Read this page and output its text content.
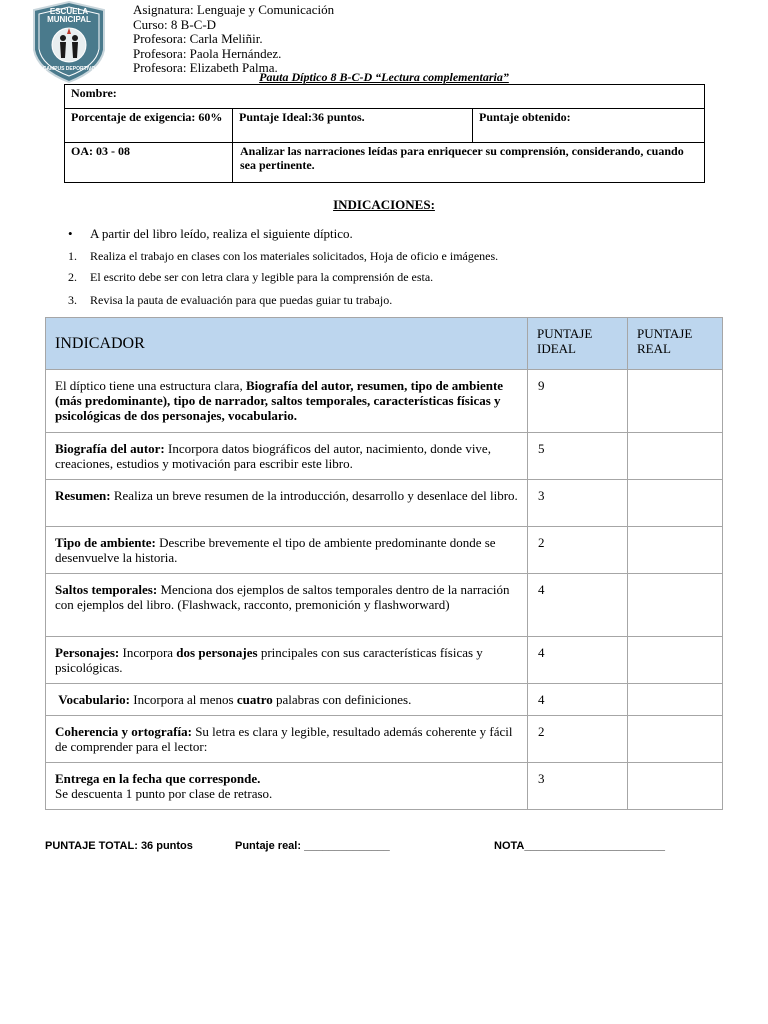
ESCUELA
MUNICIPAL
CAMPUS DEPORTIVO
Asignatura: Lenguaje y Comunicación
Curso: 8 B-C-D
Profesora: Carla Meliñir.
Profesora: Paola Hernández.
Profesora: Elizabeth Palma.
Pauta Díptico 8 B-C-D “Lectura complementaria”
Nombre:		
Porcentaje de exigencia: 60%	Puntaje Ideal:36 puntos.	Puntaje obtenido:
OA: 03 - 08	Analizar las narraciones leídas para enriquecer su comprensión, considerando, cuando sea pertinente.	
INDICACIONES:
• A partir del libro leído, realiza el siguiente díptico.
1. Realiza el trabajo en clases con los materiales solicitados, Hoja de oficio e imágenes.
2. El escrito debe ser con letra clara y legible para la comprensión de esta.
3. Revisa la pauta de evaluación para que puedas guiar tu trabajo.
INDICADOR	PUNTAJE IDEAL	PUNTAJE REAL
El díptico tiene una estructura clara, Biografía del autor, resumen, tipo de ambiente (más predominante), tipo de narrador, saltos temporales, características físicas y psicológicas de dos personajes, vocabulario.	9	
Biografía del autor: Incorpora datos biográficos del autor, nacimiento, donde vive, creaciones, estudios y motivación para escribir este libro.	5	
Resumen: Realiza un breve resumen de la introducción, desarrollo y desenlace del libro.	3	
Tipo de ambiente: Describe brevemente el tipo de ambiente predominante donde se desenvuelve la historia.	2	
Saltos temporales: Menciona dos ejemplos de saltos temporales dentro de la narración con ejemplos del libro. (Flashwack, racconto, premonición y flashworward)	4	
Personajes: Incorpora dos personajes principales con sus características físicas y psicológicas.	4	
Vocabulario: Incorpora al menos cuatro palabras con definiciones.	4	
Coherencia y ortografía: Su letra es clara y legible, resultado además coherente y fácil de comprender para el lector:	2	
Entrega en la fecha que corresponde.
Se descuenta 1 punto por clase de retraso.	3	
PUNTAJE TOTAL: 36 puntos	Puntaje real: ______________	NOTA_______________________
